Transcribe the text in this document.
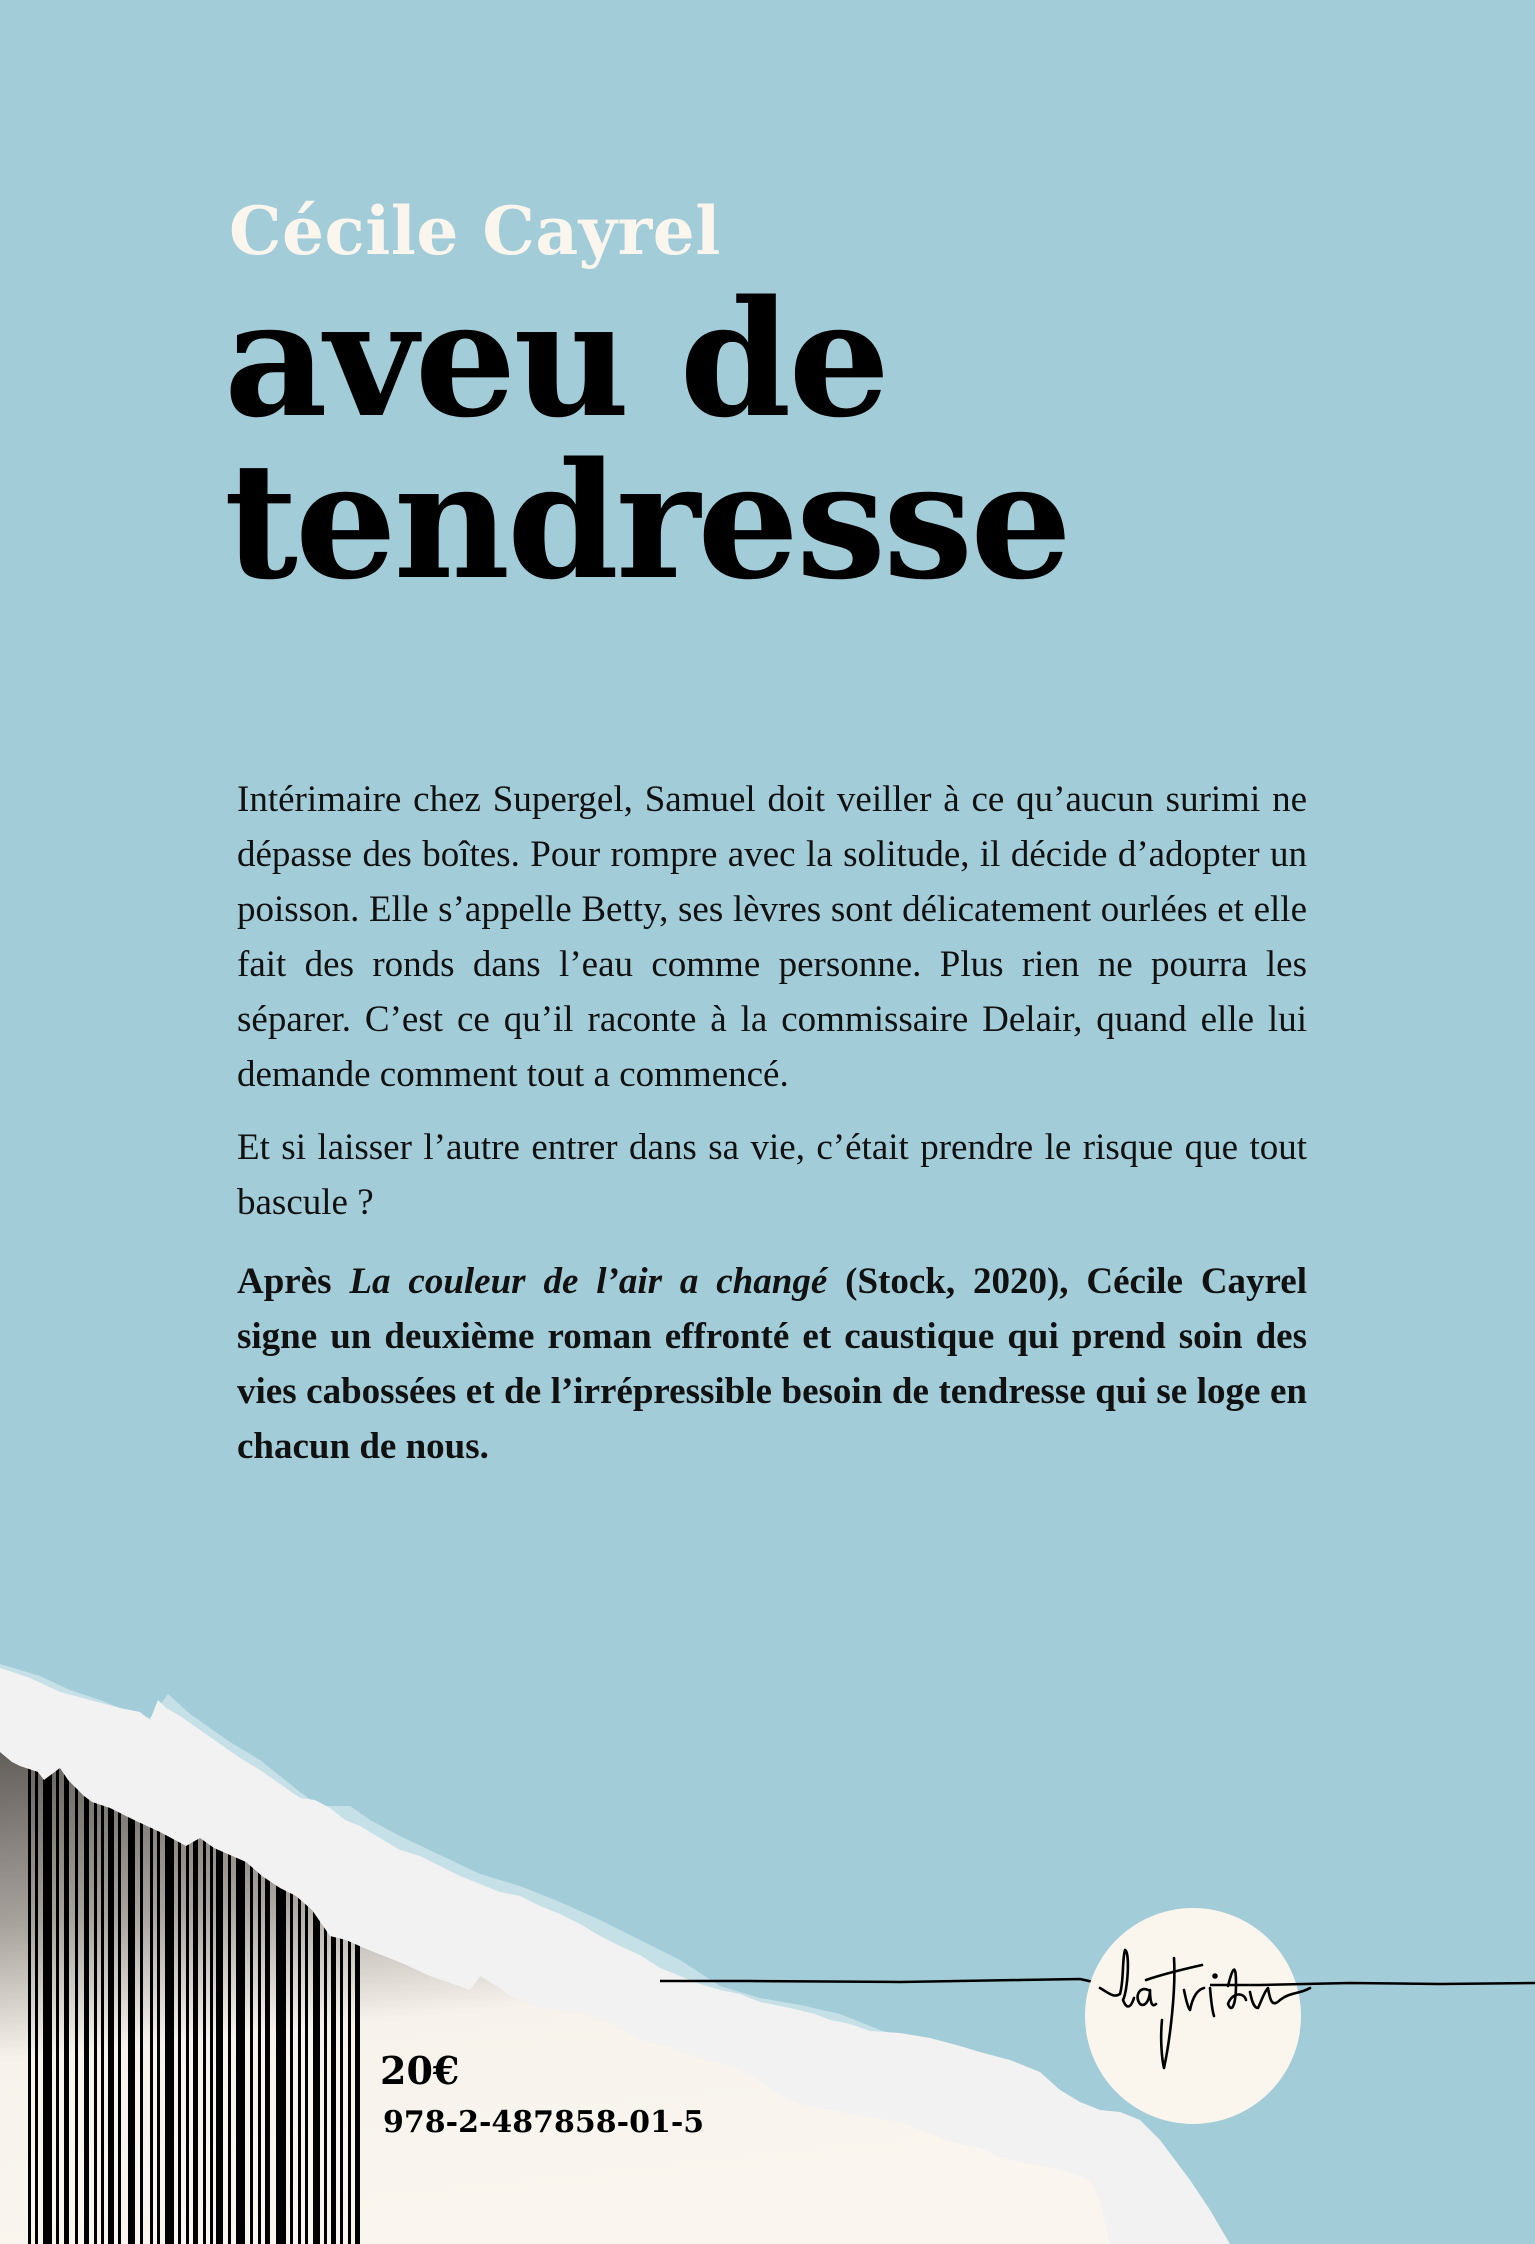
Cécile Cayrel
aveu de
tendresse

Intérimaire chez Supergel, Samuel doit veiller à ce qu’aucun surimi ne dépasse des boîtes. Pour rompre avec la solitude, il décide d’adopter un poisson. Elle s’appelle Betty, ses lèvres sont délicatement ourlées et elle fait des ronds dans l’eau comme personne. Plus rien ne pourra les séparer. C’est ce qu’il raconte à la commissaire Delair, quand elle lui demande comment tout a commencé.

Et si laisser l’autre entrer dans sa vie, c’était prendre le risque que tout bascule ?

Après La couleur de l’air a changé (Stock, 2020), Cécile Cayrel signe un deuxième roman effronté et caustique qui prend soin des vies cabossées et de l’irrépressible besoin de tendresse qui se loge en chacun de nous.

20€
978-2-487858-01-5
